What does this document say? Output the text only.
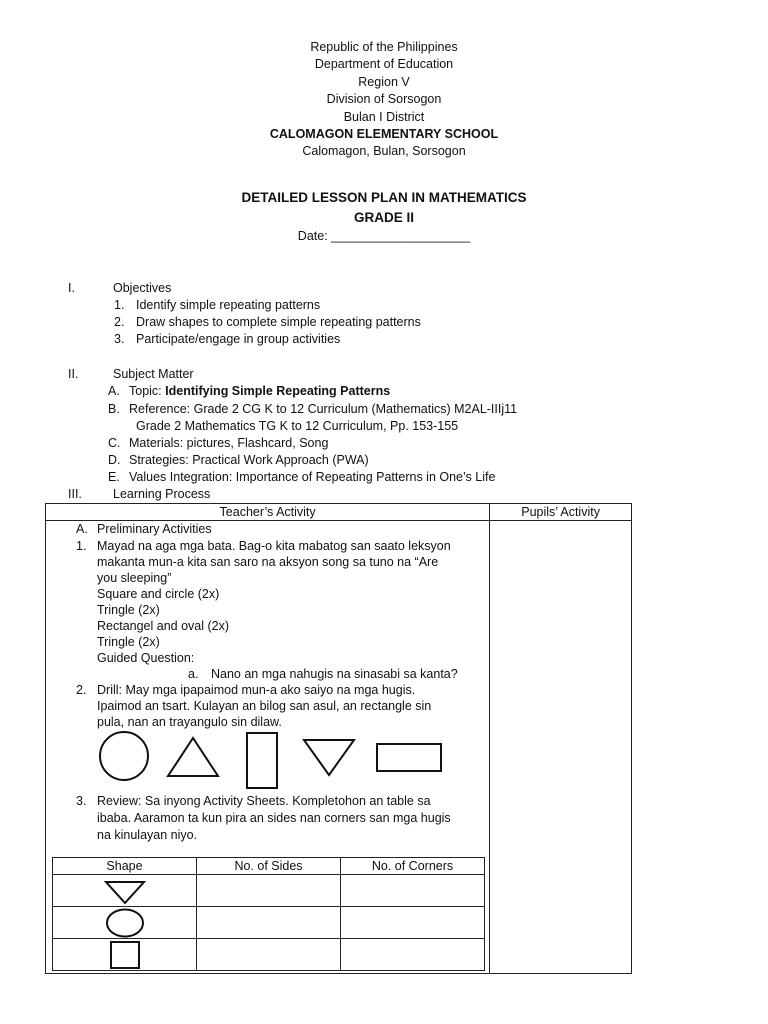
Republic of the Philippines
Department of Education
Region V
Division of Sorsogon
Bulan I District
CALOMAGON ELEMENTARY SCHOOL
Calomagon, Bulan, Sorsogon
DETAILED LESSON PLAN IN MATHEMATICS
GRADE II
Date: ____________________
I.	Objectives
1. Identify simple repeating patterns
2. Draw shapes to complete simple repeating patterns
3. Participate/engage in group activities
II.	Subject Matter
A. Topic: Identifying Simple Repeating Patterns
B. Reference: Grade 2 CG K to 12 Curriculum (Mathematics) M2AL-IIIj11
Grade 2 Mathematics TG K to 12 Curriculum, Pp. 153-155
C. Materials: pictures, Flashcard, Song
D. Strategies: Practical Work Approach (PWA)
E. Values Integration: Importance of Repeating Patterns in One’s Life
III. Learning Process
Teacher’s Activity	Pupils’ Activity

A. Preliminary Activities
1. Mayad na aga mga bata. Bag-o kita mabatog san saato leksyon
makanta mun-a kita san saro na aksyon song sa tuno na “Are
you sleeping”
Square and circle (2x)
Tringle (2x)
Rectangel and oval (2x)
Tringle (2x)
Guided Question:
a. Nano an mga nahugis na sinasabi sa kanta?
2. Drill: May mga ipapaimod mun-a ako saiyo na mga hugis.
Ipaimod an tsart. Kulayan an bilog san asul, an rectangle sin
pula, nan an trayangulo sin dilaw.
3. Review: Sa inyong Activity Sheets. Kompletohon an table sa
ibaba. Aaramon ta kun pira an sides nan corners san mga hugis
na kinulayan niyo.
Shape	No. of Sides	No. of Corners
